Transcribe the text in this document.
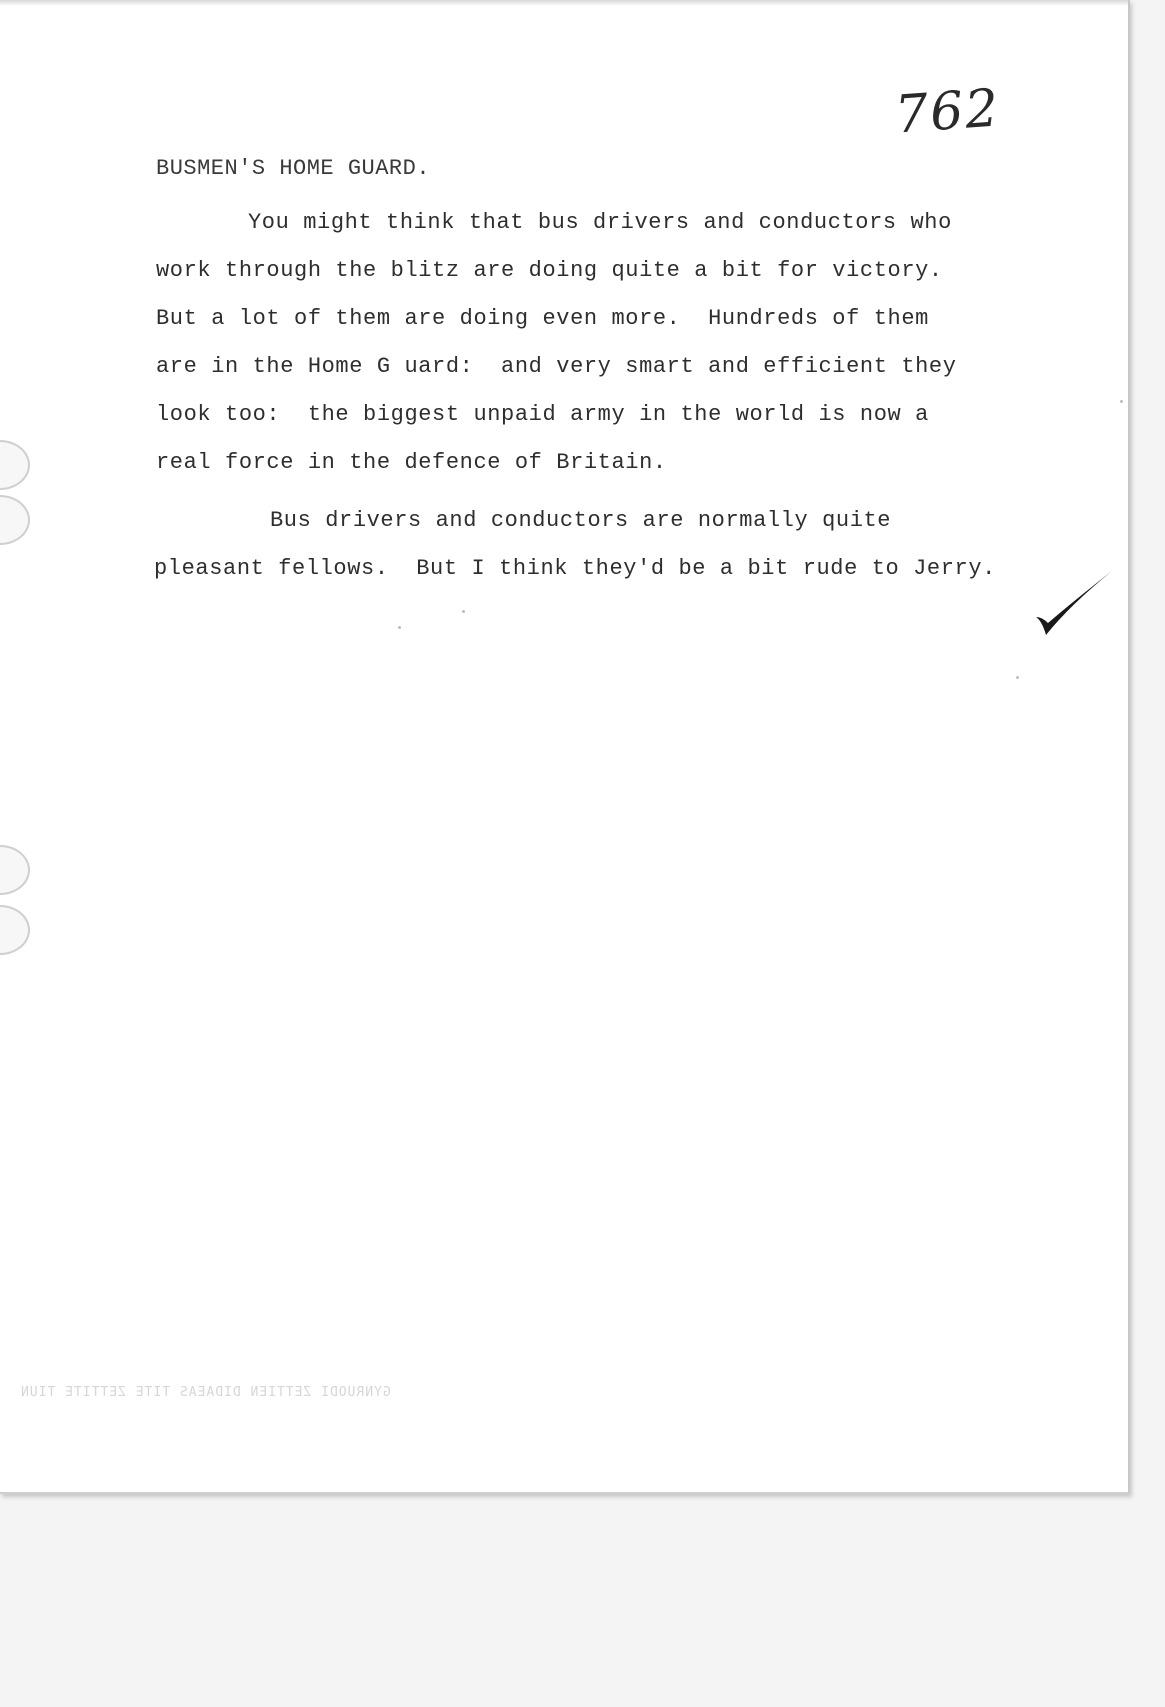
762
BUSMEN'S HOME GUARD.
You might think that bus drivers and conductors who
work through the blitz are doing quite a bit for victory.
But a lot of them are doing even more.  Hundreds of them
are in the Home G uard:  and very smart and efficient they
look too:  the biggest unpaid army in the world is now a
real force in the defence of Britain.
Bus drivers and conductors are normally quite
pleasant fellows.  But I think they'd be a bit rude to Jerry.
GYNRUODI ZETTIEN DIDAEAS TITE ZETTITE TIUN
